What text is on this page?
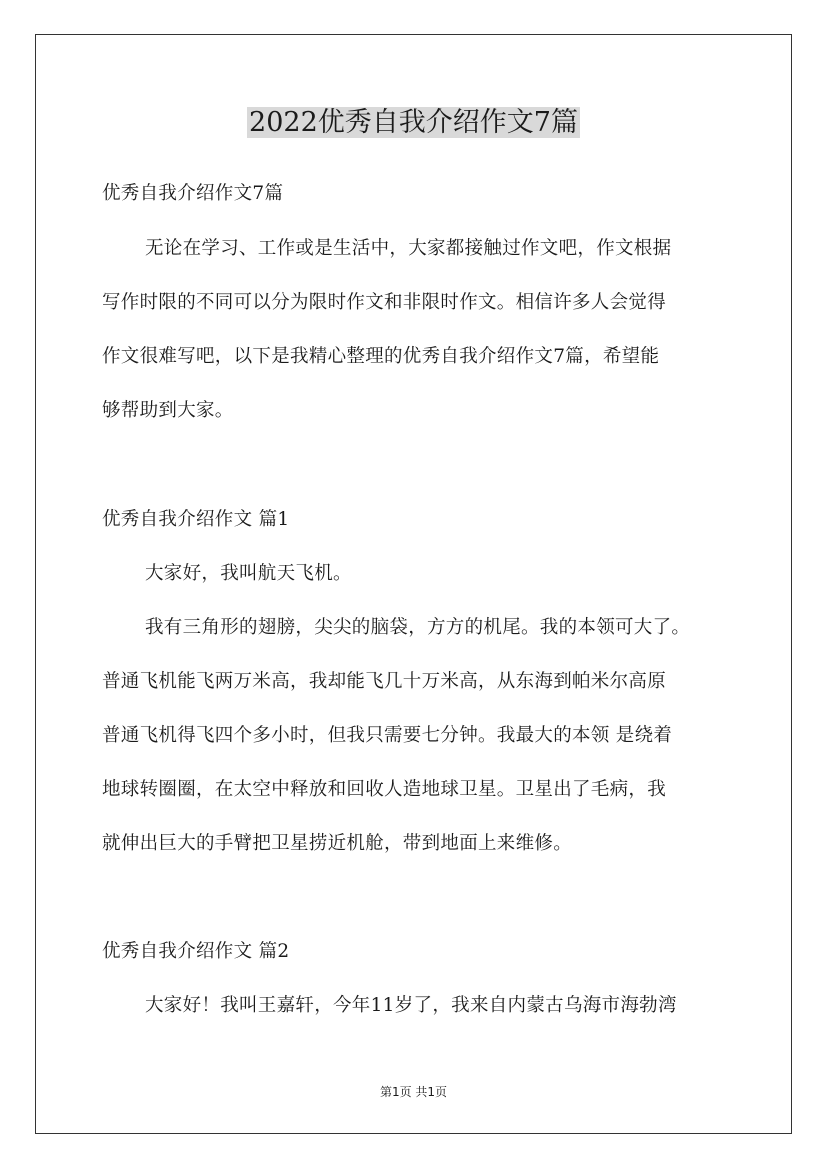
2022优秀自我介绍作文7篇
优秀自我介绍作文7篇
无论在学习、工作或是生活中，大家都接触过作文吧，作文根据
写作时限的不同可以分为限时作文和非限时作文。相信许多人会觉得
作文很难写吧，以下是我精心整理的优秀自我介绍作文7篇，希望能
够帮助到大家。
优秀自我介绍作文 篇1
大家好，我叫航天飞机。
我有三角形的翅膀，尖尖的脑袋，方方的机尾。我的本领可大了。
普通飞机能飞两万米高，我却能飞几十万米高，从东海到帕米尔高原
普通飞机得飞四个多小时，但我只需要七分钟。我最大的本领 是绕着
地球转圈圈，在太空中释放和回收人造地球卫星。卫星出了毛病，我
就伸出巨大的手臂把卫星捞近机舱，带到地面上来维修。
优秀自我介绍作文 篇2
大家好！我叫王嘉轩，今年11岁了，我来自内蒙古乌海市海勃湾
第1页 共1页
